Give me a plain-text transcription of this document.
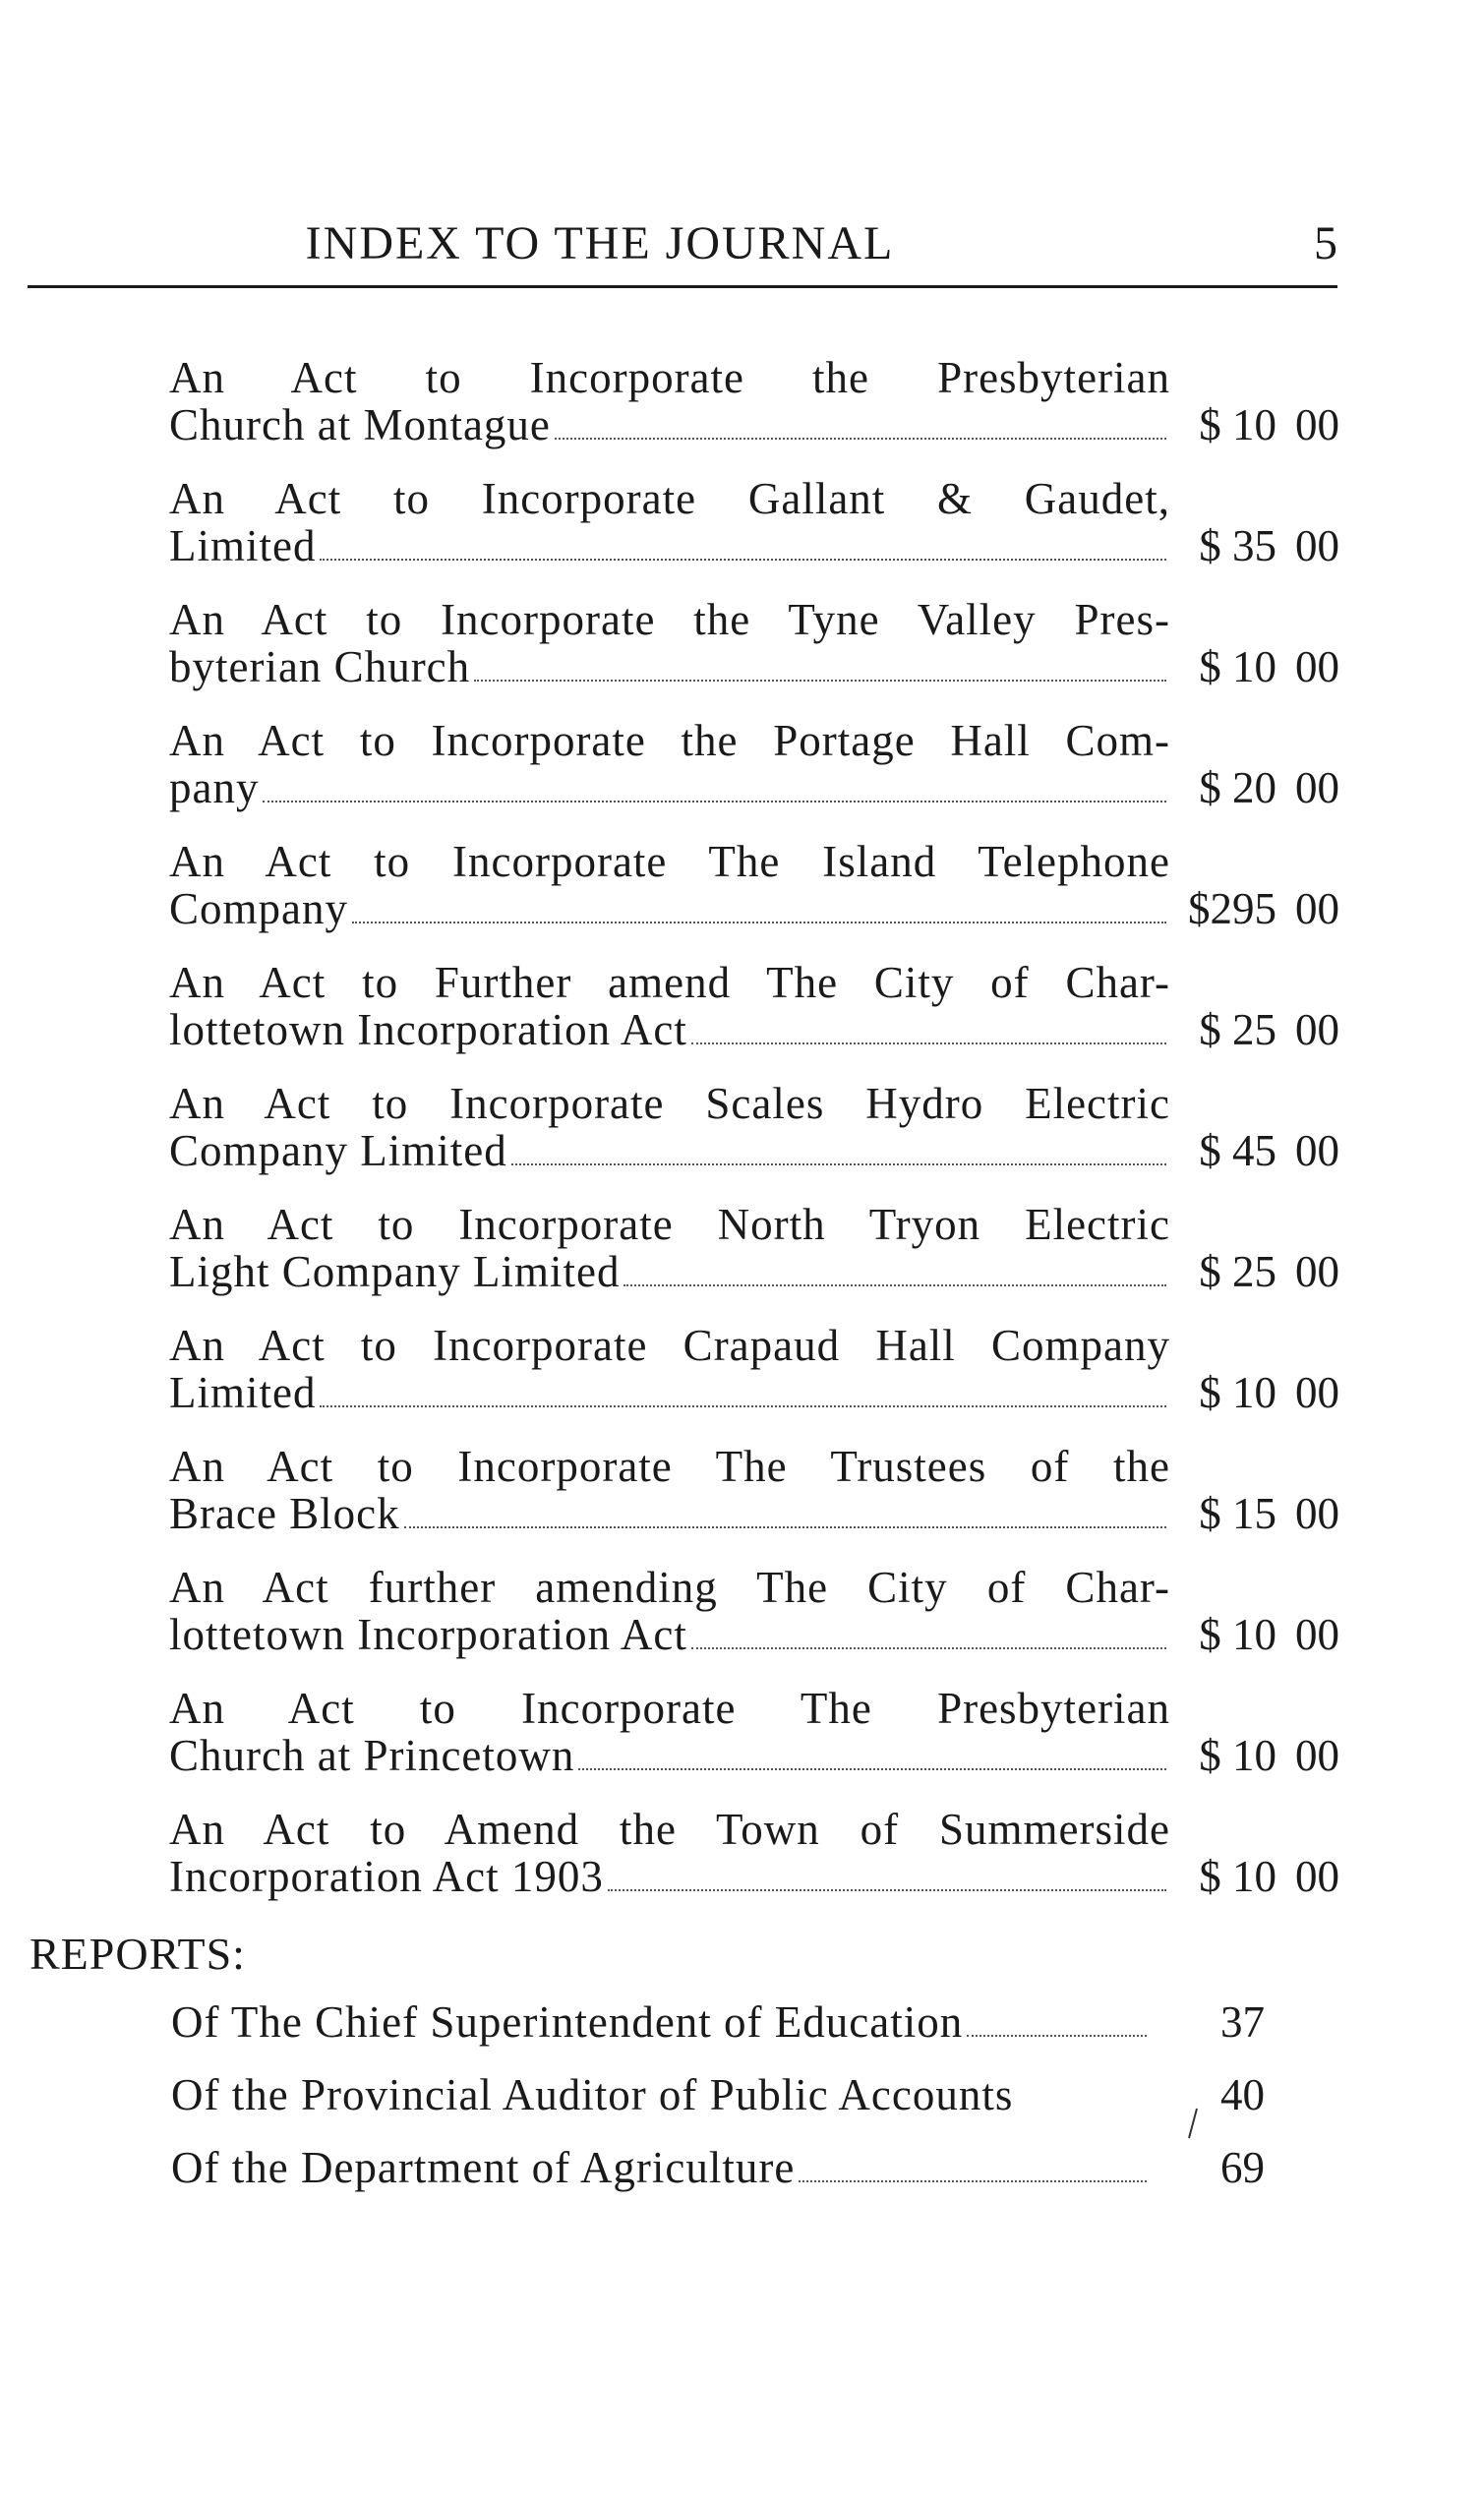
INDEX TO THE JOURNAL	5
An Act to Incorporate the Presbyterian
Church at Montague	$ 10 00
An Act to Incorporate Gallant & Gaudet,
Limited	$ 35 00
An Act to Incorporate the Tyne Valley Pres-
byterian Church	$ 10 00
An Act to Incorporate the Portage Hall Com-
pany	$ 20 00
An Act to Incorporate The Island Telephone
Company	$295 00
An Act to Further amend The City of Char-
lottetown Incorporation Act	$ 25 00
An Act to Incorporate Scales Hydro Electric
Company Limited	$ 45 00
An Act to Incorporate North Tryon Electric
Light Company Limited	$ 25 00
An Act to Incorporate Crapaud Hall Company
Limited	$ 10 00
An Act to Incorporate The Trustees of the
Brace Block	$ 15 00
An Act further amending The City of Char-
lottetown Incorporation Act	$ 10 00
An Act to Incorporate The Presbyterian
Church at Princetown	$ 10 00
An Act to Amend the Town of Summerside
Incorporation Act 1903	$ 10 00
REPORTS:
Of The Chief Superintendent of Education	37
Of the Provincial Auditor of Public Accounts	40
Of the Department of Agriculture	69
